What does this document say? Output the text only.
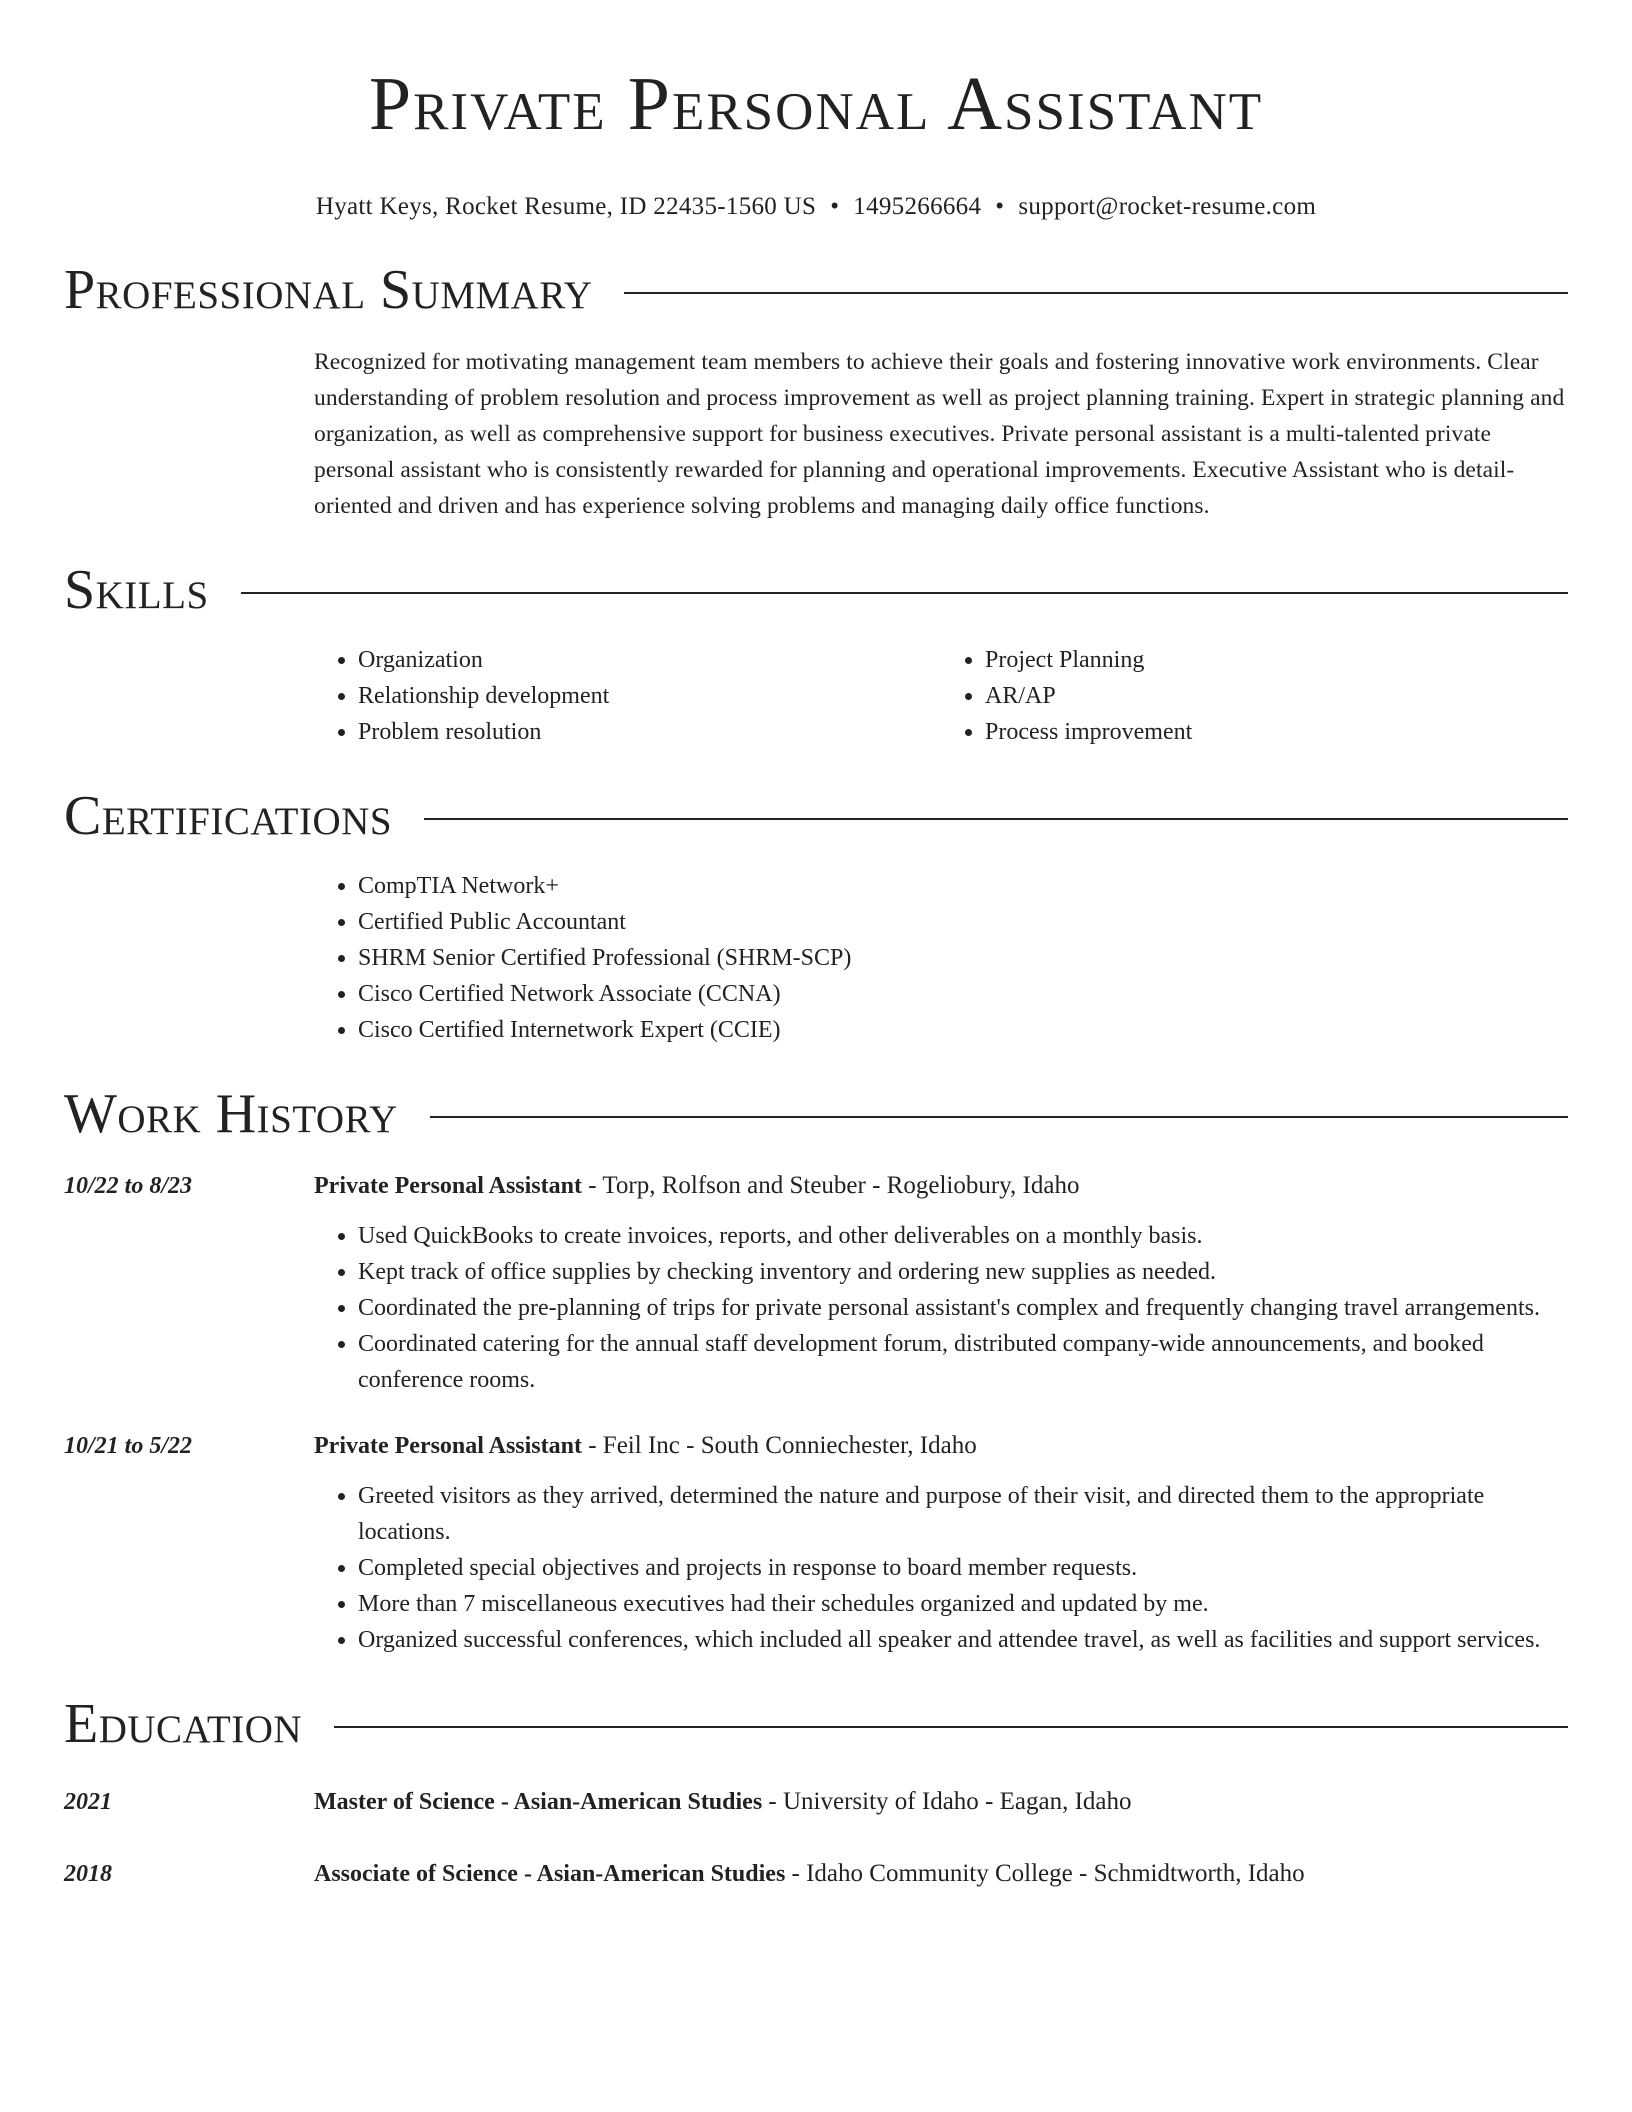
Private Personal Assistant
Hyatt Keys, Rocket Resume, ID 22435-1560 US • 1495266664 • support@rocket-resume.com
Professional Summary

Recognized for motivating management team members to achieve their goals and fostering innovative work environments. Clear understanding of problem resolution and process improvement as well as project planning training. Expert in strategic planning and organization, as well as comprehensive support for business executives. Private personal assistant is a multi-talented private personal assistant who is consistently rewarded for planning and operational improvements. Executive Assistant who is detail-oriented and driven and has experience solving problems and managing daily office functions.

Skills
• Organization
• Relationship development
• Problem resolution
• Project Planning
• AR/AP
• Process improvement
Certifications
• CompTIA Network+
• Certified Public Accountant
• SHRM Senior Certified Professional (SHRM-SCP)
• Cisco Certified Network Associate (CCNA)
• Cisco Certified Internetwork Expert (CCIE)
Work History
10/22 to 8/23	Private Personal Assistant - Torp, Rolfson and Steuber - Rogeliobury, Idaho
• Used QuickBooks to create invoices, reports, and other deliverables on a monthly basis.
• Kept track of office supplies by checking inventory and ordering new supplies as needed.
• Coordinated the pre-planning of trips for private personal assistant's complex and frequently changing travel arrangements.
• Coordinated catering for the annual staff development forum, distributed company-wide announcements, and booked conference rooms.
10/21 to 5/22	Private Personal Assistant - Feil Inc - South Conniechester, Idaho
• Greeted visitors as they arrived, determined the nature and purpose of their visit, and directed them to the appropriate locations.
• Completed special objectives and projects in response to board member requests.
• More than 7 miscellaneous executives had their schedules organized and updated by me.
• Organized successful conferences, which included all speaker and attendee travel, as well as facilities and support services.
Education
2021	Master of Science - Asian-American Studies - University of Idaho - Eagan, Idaho
2018	Associate of Science - Asian-American Studies - Idaho Community College - Schmidtworth, Idaho
